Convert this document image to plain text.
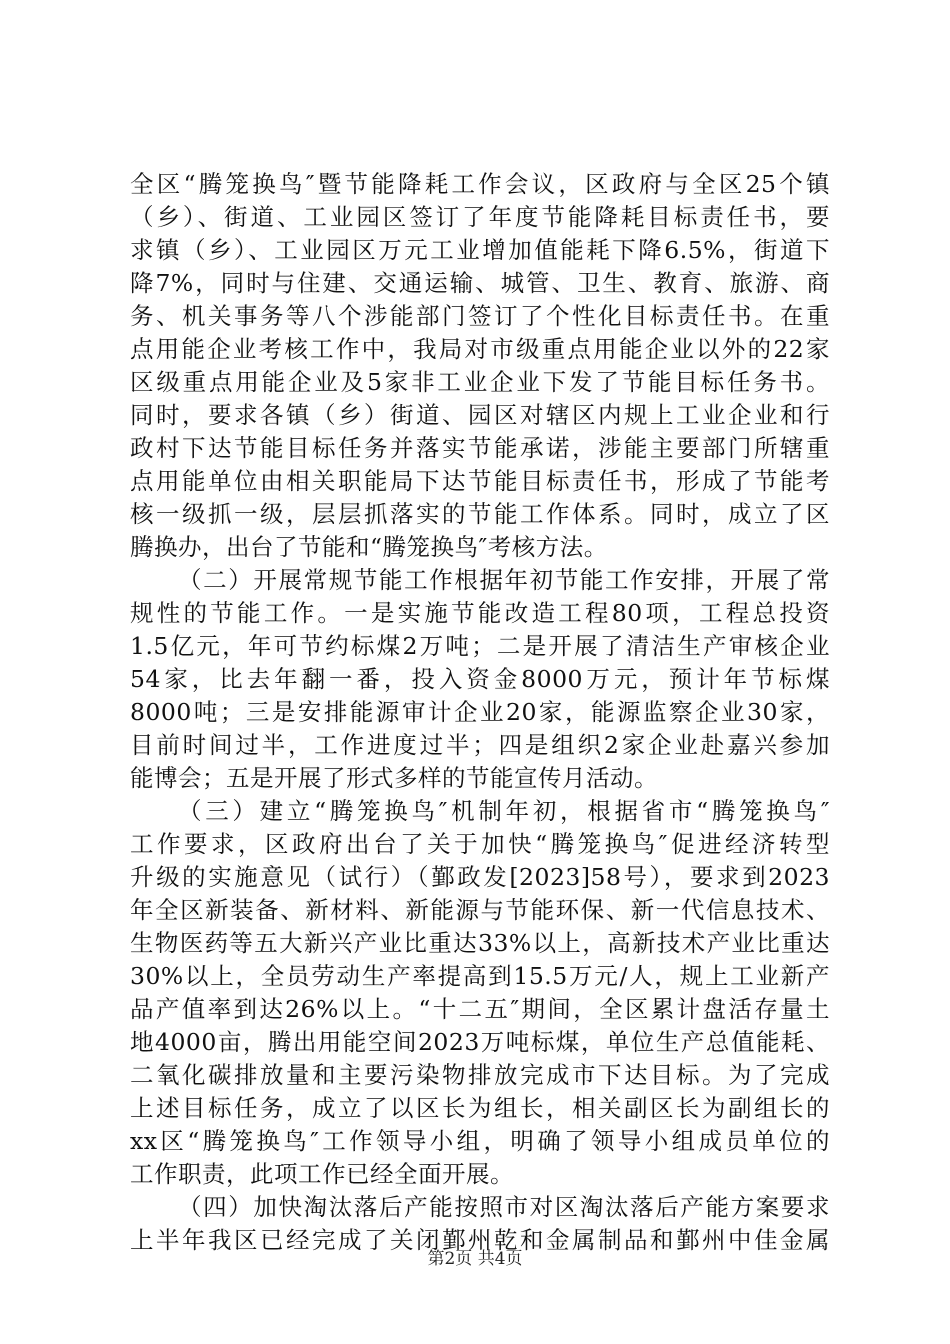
全区“腾笼换鸟″暨节能降耗工作会议，区政府与全区25个镇
（乡）、街道、工业园区签订了年度节能降耗目标责任书，要
求镇（乡）、工业园区万元工业增加值能耗下降6.5%，街道下
降7%，同时与住建、交通运输、城管、卫生、教育、旅游、商
务、机关事务等八个涉能部门签订了个性化目标责任书。在重
点用能企业考核工作中，我局对市级重点用能企业以外的22家
区级重点用能企业及5家非工业企业下发了节能目标任务书。
同时，要求各镇（乡）街道、园区对辖区内规上工业企业和行
政村下达节能目标任务并落实节能承诺，涉能主要部门所辖重
点用能单位由相关职能局下达节能目标责任书，形成了节能考
核一级抓一级，层层抓落实的节能工作体系。同时，成立了区
腾换办，出台了节能和“腾笼换鸟″考核方法。
（二）开展常规节能工作根据年初节能工作安排，开展了常
规性的节能工作。一是实施节能改造工程80项，工程总投资
1.5亿元，年可节约标煤2万吨；二是开展了清洁生产审核企业
54家，比去年翻一番，投入资金8000万元，预计年节标煤
8000吨；三是安排能源审计企业20家，能源监察企业30家，
目前时间过半，工作进度过半；四是组织2家企业赴嘉兴参加
能博会；五是开展了形式多样的节能宣传月活动。
（三）建立“腾笼换鸟″机制年初，根据省市“腾笼换鸟″
工作要求，区政府出台了关于加快“腾笼换鸟″促进经济转型
升级的实施意见（试行）（鄞政发[2023]58号），要求到2023
年全区新装备、新材料、新能源与节能环保、新一代信息技术、
生物医药等五大新兴产业比重达33%以上，高新技术产业比重达
30%以上，全员劳动生产率提高到15.5万元/人，规上工业新产
品产值率到达26%以上。“十二五″期间，全区累计盘活存量土
地4000亩，腾出用能空间2023万吨标煤，单位生产总值能耗、
二氧化碳排放量和主要污染物排放完成市下达目标。为了完成
上述目标任务，成立了以区长为组长，相关副区长为副组长的
xx区“腾笼换鸟″工作领导小组，明确了领导小组成员单位的
工作职责，此项工作已经全面开展。
（四）加快淘汰落后产能按照市对区淘汰落后产能方案要求
上半年我区已经完成了关闭鄞州乾和金属制品和鄞州中佳金属
第2页 共4页
